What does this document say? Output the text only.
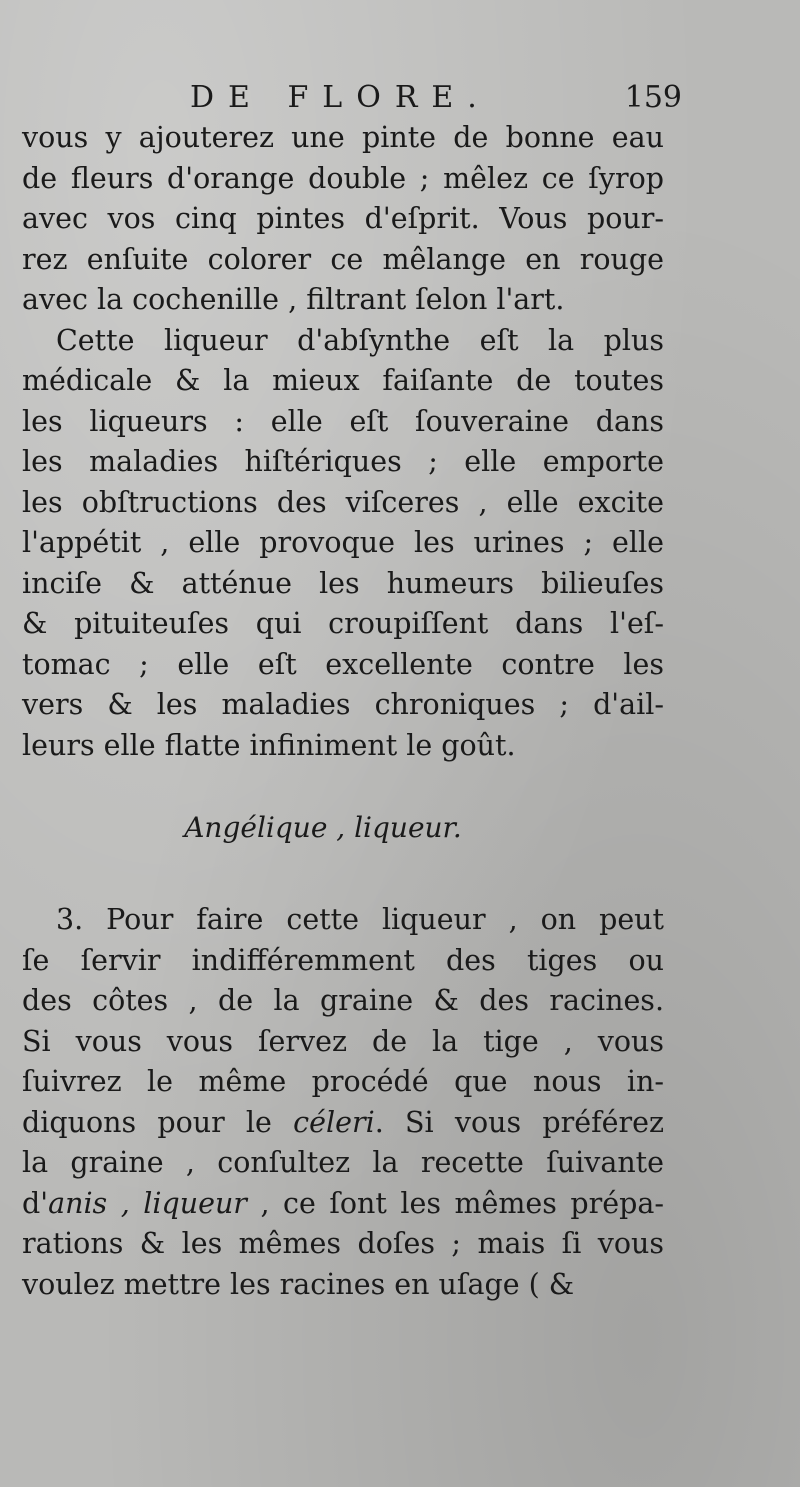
DE FLORE.	159
vous y ajouterez une pinte de bonne eau
de fleurs d'orange double ; mêlez ce ſyrop
avec vos cinq pintes d'eſprit. Vous pour-
rez enſuite colorer ce mêlange en rouge
avec la cochenille , filtrant ſelon l'art.
Cette liqueur d'abſynthe eſt la plus
médicale & la mieux faiſante de toutes
les liqueurs : elle eſt ſouveraine dans
les maladies hiſtériques ; elle emporte
les obſtructions des viſceres , elle excite
l'appétit , elle provoque les urines ; elle
inciſe & atténue les humeurs bilieuſes
& pituiteuſes qui croupiſſent dans l'eſ-
tomac ; elle eſt excellente contre les
vers & les maladies chroniques ; d'ail-
leurs elle flatte infiniment le goût.
Angélique , liqueur.
3. Pour faire cette liqueur , on peut
ſe ſervir indifféremment des tiges ou
des côtes , de la graine & des racines.
Si vous vous ſervez de la tige , vous
ſuivrez le même procédé que nous in-
diquons pour le céleri. Si vous préférez
la graine , conſultez la recette ſuivante
d'anis , liqueur , ce ſont les mêmes prépa-
rations & les mêmes doſes ; mais ſi vous
voulez mettre les racines en uſage ( &
